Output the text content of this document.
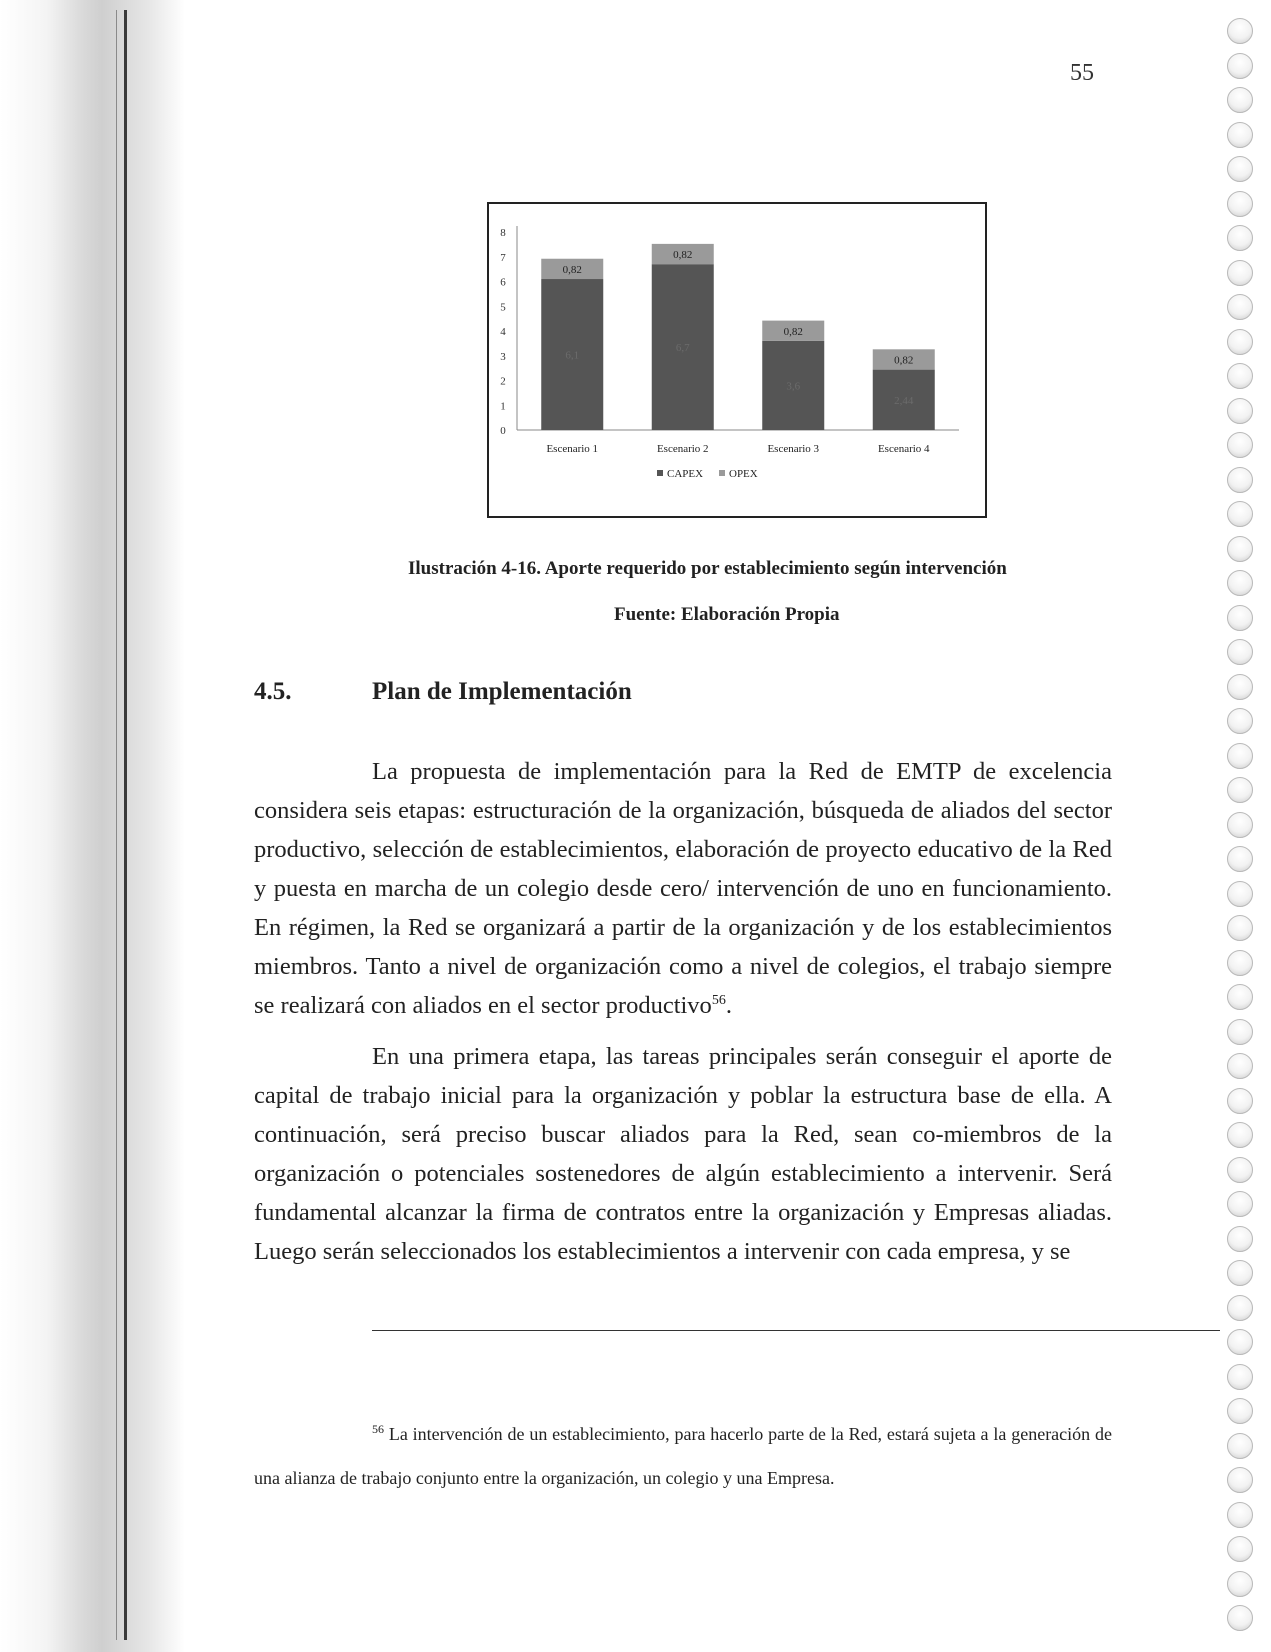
55
0
1
2
3
4
5
6
7
8
6,1
0,82
Escenario 1
6,7
0,82
Escenario 2
3,6
0,82
Escenario 3
2,44
0,82
Escenario 4
CAPEX OPEX
Ilustración 4-16. Aporte requerido por establecimiento según intervención
Fuente: Elaboración Propia
4.5.	Plan de Implementación
La propuesta de implementación para la Red de EMTP de excelencia considera seis etapas: estructuración de la organización, búsqueda de aliados del sector productivo, selección de establecimientos, elaboración de proyecto educativo de la Red y puesta en marcha de un colegio desde cero/ intervención de uno en funcionamiento. En régimen, la Red se organizará a partir de la organización y de los establecimientos miembros. Tanto a nivel de organización como a nivel de colegios, el trabajo siempre se realizará con aliados en el sector productivo$^{56}$.
En una primera etapa, las tareas principales serán conseguir el aporte de capital de trabajo inicial para la organización y poblar la estructura base de ella. A continuación, será preciso buscar aliados para la Red, sean co-miembros de la organización o potenciales sostenedores de algún establecimiento a intervenir. Será fundamental alcanzar la firma de contratos entre la organización y Empresas aliadas. Luego serán seleccionados los establecimientos a intervenir con cada empresa, y se
$^{56}$ La intervención de un establecimiento, para hacerlo parte de la Red, estará sujeta a la generación de una alianza de trabajo conjunto entre la organización, un colegio y una Empresa.
